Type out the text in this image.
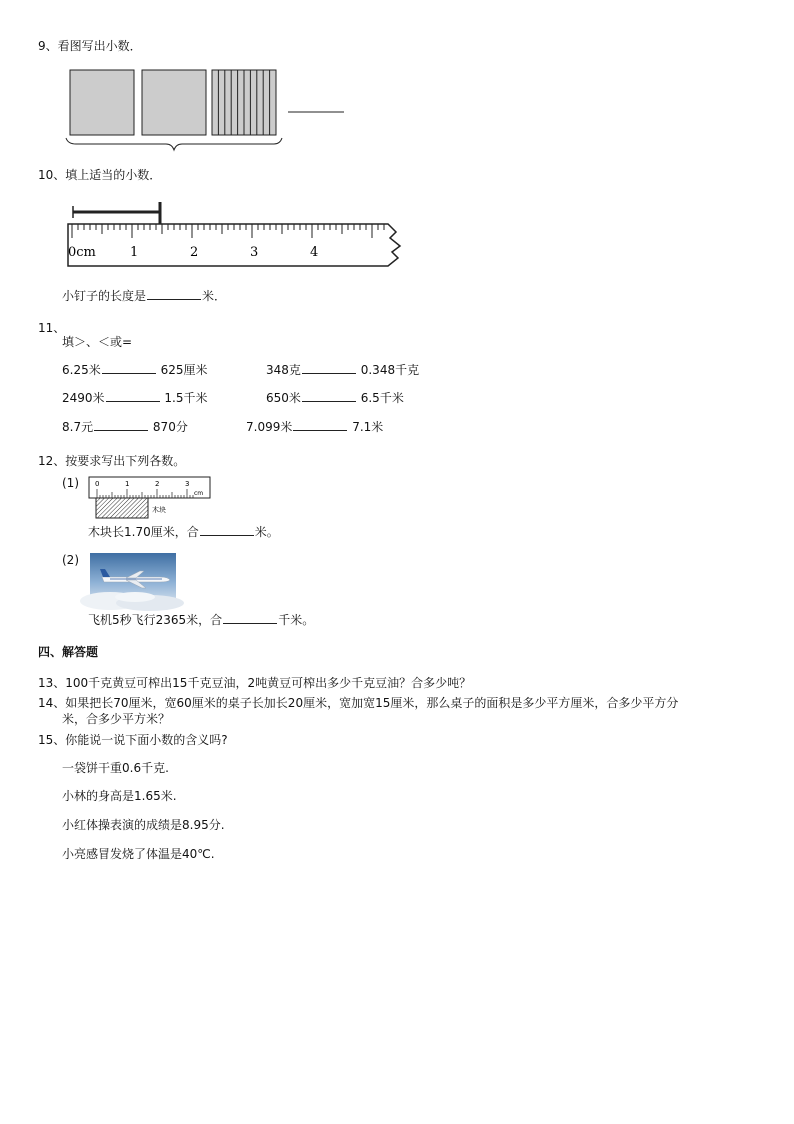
9、看图写出小数．
10、填上适当的小数．
0cm	1	2	3	4
小钉子的长度是	米．
11、
填＞、＜或=
6.25米	625厘米	348克	0.348千克
2490米	1.5千米	650米	6.5千米
8.7元	870分	7.099米	7.1米
12、按要求写出下列各数。
(1) 0	1	2	3
cm
木块
木块长1.70厘米，合	米。
(2)
飞机5秒飞行2365米，合	千米。
四、解答题
13、100千克黄豆可榨出15千克豆油，2吨黄豆可榨出多少千克豆油？合多少吨？
14、如果把长70厘米，宽60厘米的桌子长加长20厘米，宽加宽15厘米，那么桌子的面积是多少平方厘米，合多少平方分
米，合多少平方米？
15、你能说一说下面小数的含义吗?
一袋饼干重0.6千克.
小林的身高是1.65米.
小红体操表演的成绩是8.95分.
小亮感冒发烧了体温是40℃.
